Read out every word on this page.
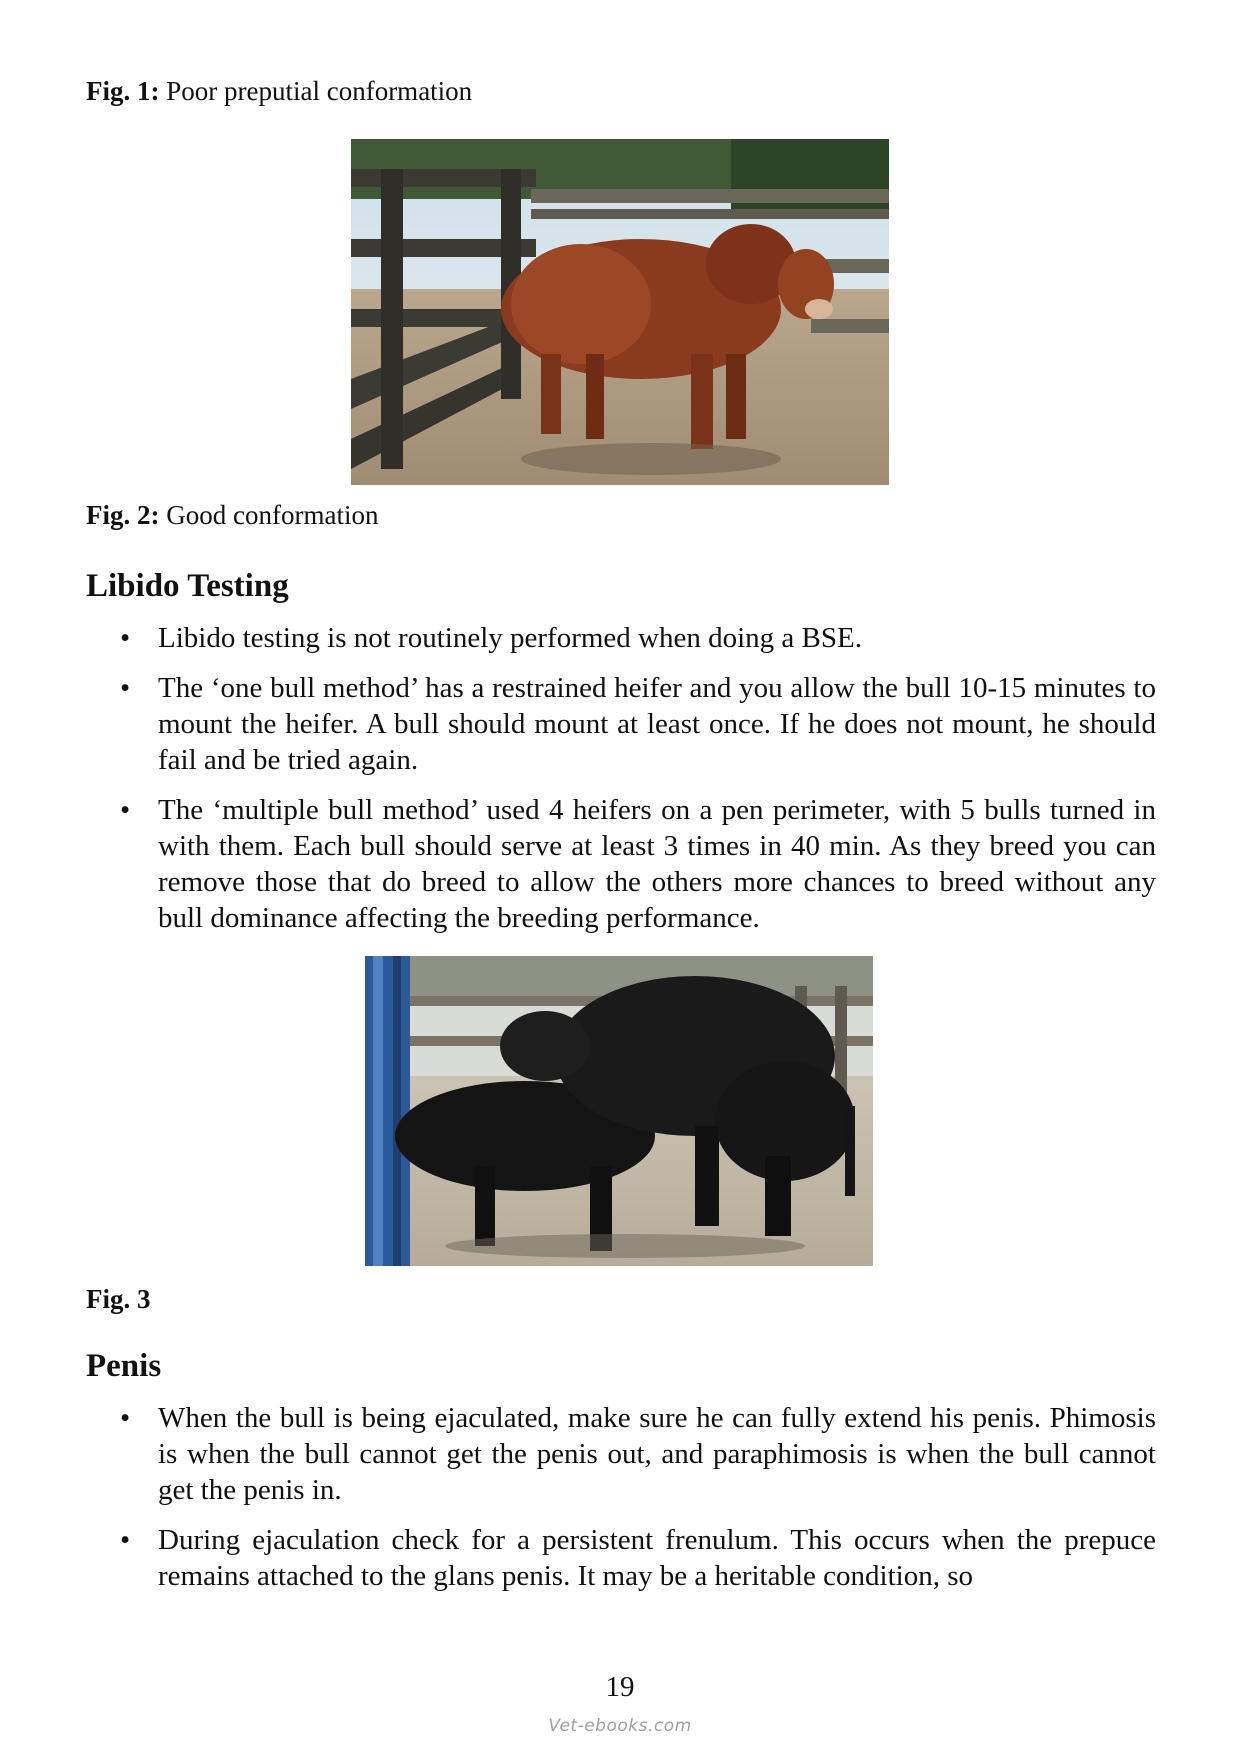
Fig. 1: Poor preputial conformation
Fig. 2: Good conformation
Libido Testing
• Libido testing is not routinely performed when doing a BSE.
• The ‘one bull method’ has a restrained heifer and you allow the bull 10-15 minutes to mount the heifer. A bull should mount at least once. If he does not mount, he should fail and be tried again.
• The ‘multiple bull method’ used 4 heifers on a pen perimeter, with 5 bulls turned in with them. Each bull should serve at least 3 times in 40 min. As they breed you can remove those that do breed to allow the others more chances to breed without any bull dominance affecting the breeding performance.
Fig. 3
Penis
• When the bull is being ejaculated, make sure he can fully extend his penis. Phimosis is when the bull cannot get the penis out, and paraphimosis is when the bull cannot get the penis in.
• During ejaculation check for a persistent frenulum. This occurs when the prepuce remains attached to the glans penis. It may be a heritable condition, so
19
Vet-ebooks.com
